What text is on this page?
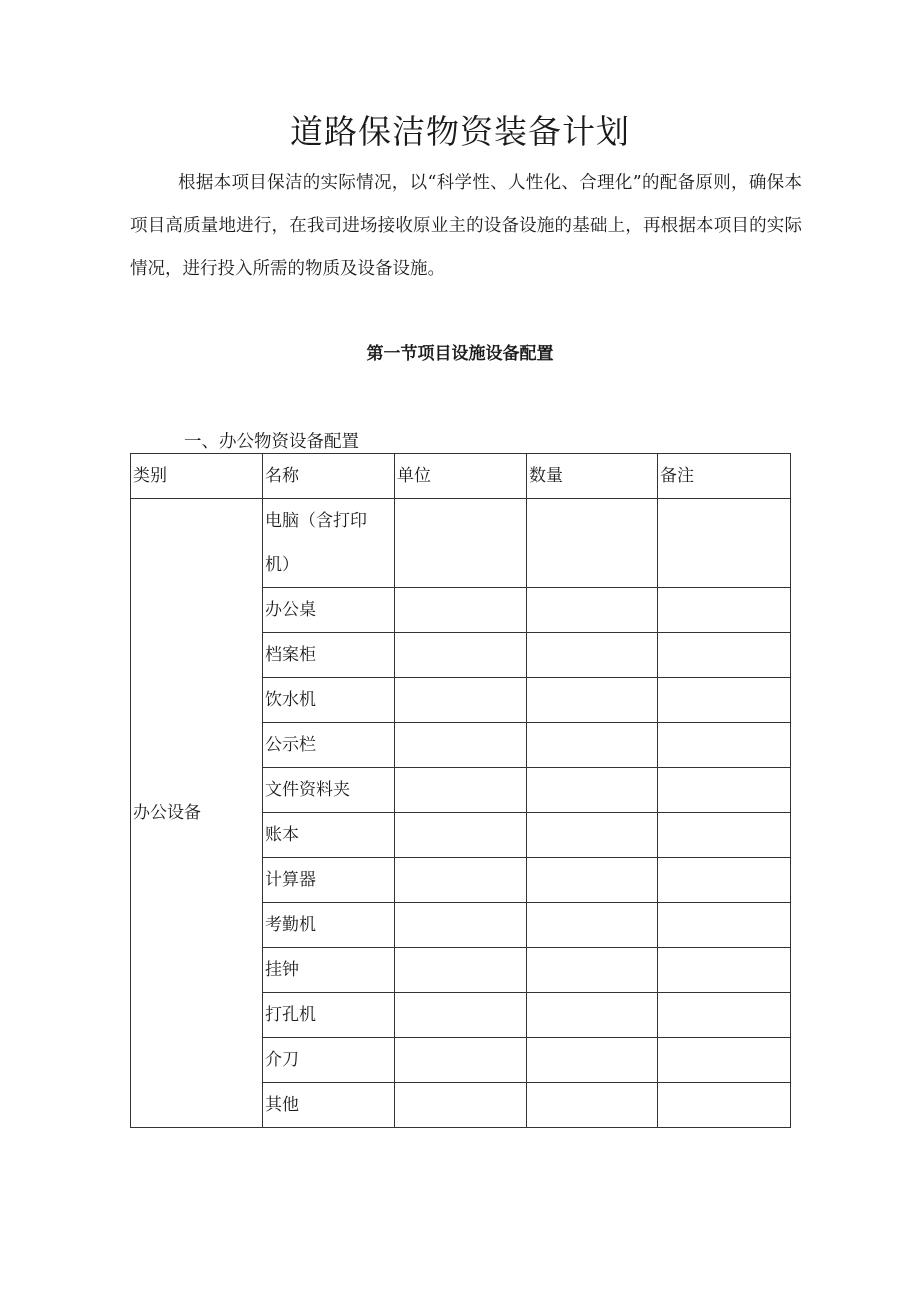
道路保洁物资装备计划

根据本项目保洁的实际情况，以“科学性、人性化、合理化”的配备原则，确保本项目高质量地进行，在我司进场接收原业主的设备设施的基础上，再根据本项目的实际情况，进行投入所需的物质及设备设施。

第一节项目设施设备配置

一、办公物资设备配置

类别	名称	单位	数量	备注
办公设备	电脑（含打印机）			
	办公桌			
	档案柜			
	饮水机			
	公示栏			
	文件资料夹			
	账本			
	计算器			
	考勤机			
	挂钟			
	打孔机			
	介刀			
	其他			
